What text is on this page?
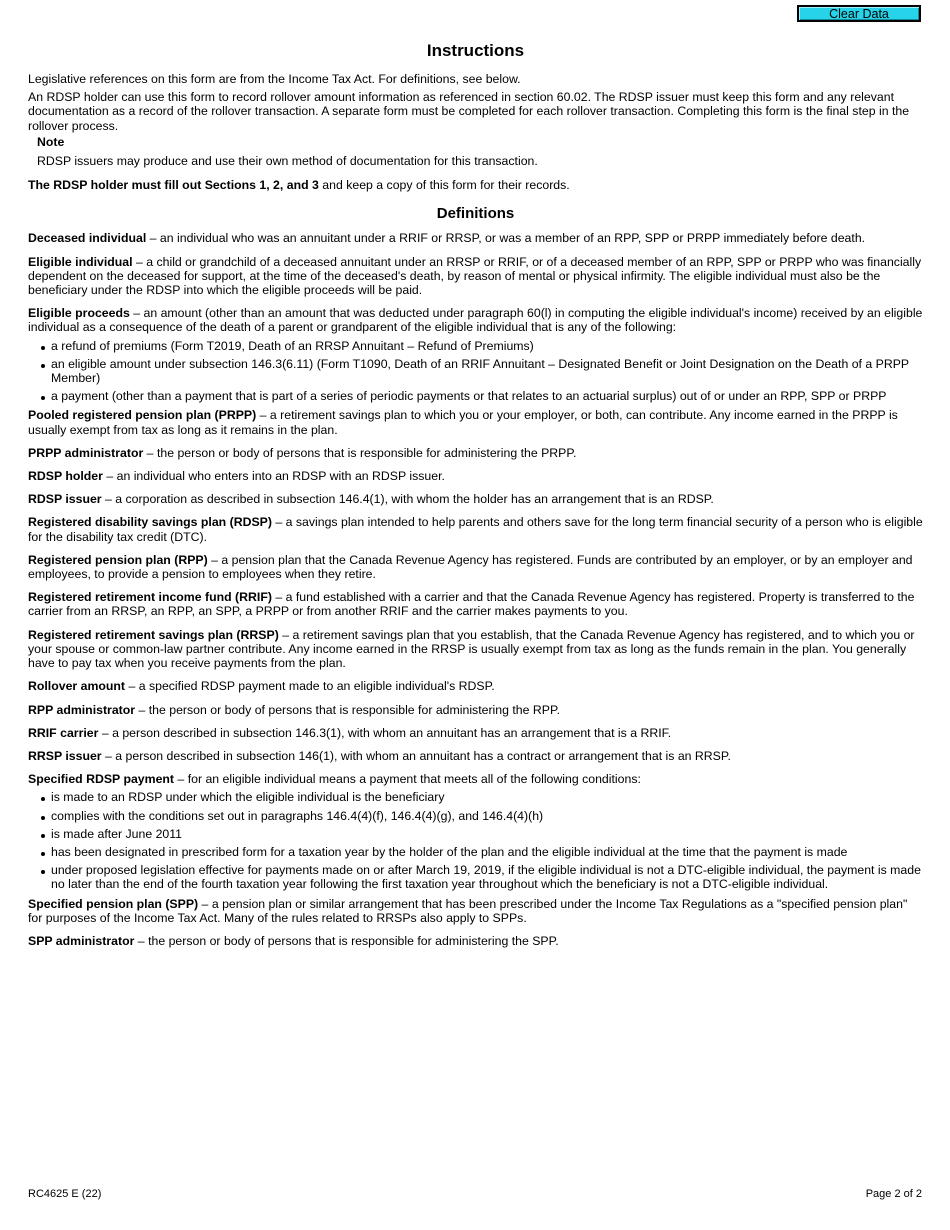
Clear Data
Instructions

Legislative references on this form are from the Income Tax Act. For definitions, see below.

An RDSP holder can use this form to record rollover amount information as referenced in section 60.02. The RDSP issuer must keep this form and any relevant documentation as a record of the rollover transaction. A separate form must be completed for each rollover transaction. Completing this form is the final step in the rollover process.

Note

RDSP issuers may produce and use their own method of documentation for this transaction.

The RDSP holder must fill out Sections 1, 2, and 3 and keep a copy of this form for their records.

Definitions

Deceased individual – an individual who was an annuitant under a RRIF or RRSP, or was a member of an RPP, SPP or PRPP immediately before death.

Eligible individual – a child or grandchild of a deceased annuitant under an RRSP or RRIF, or of a deceased member of an RPP, SPP or PRPP who was financially dependent on the deceased for support, at the time of the deceased's death, by reason of mental or physical infirmity. The eligible individual must also be the beneficiary under the RDSP into which the eligible proceeds will be paid.

Eligible proceeds – an amount (other than an amount that was deducted under paragraph 60(l) in computing the eligible individual's income) received by an eligible individual as a consequence of the death of a parent or grandparent of the eligible individual that is any of the following:

a refund of premiums (Form T2019, Death of an RRSP Annuitant – Refund of Premiums)
an eligible amount under subsection 146.3(6.11) (Form T1090, Death of an RRIF Annuitant – Designated Benefit or Joint Designation on the Death of a PRPP Member)
a payment (other than a payment that is part of a series of periodic payments or that relates to an actuarial surplus) out of or under an RPP, SPP or PRPP

Pooled registered pension plan (PRPP) – a retirement savings plan to which you or your employer, or both, can contribute. Any income earned in the PRPP is usually exempt from tax as long as it remains in the plan.

PRPP administrator – the person or body of persons that is responsible for administering the PRPP.

RDSP holder – an individual who enters into an RDSP with an RDSP issuer.

RDSP issuer – a corporation as described in subsection 146.4(1), with whom the holder has an arrangement that is an RDSP.

Registered disability savings plan (RDSP) – a savings plan intended to help parents and others save for the long term financial security of a person who is eligible for the disability tax credit (DTC).

Registered pension plan (RPP) – a pension plan that the Canada Revenue Agency has registered. Funds are contributed by an employer, or by an employer and employees, to provide a pension to employees when they retire.

Registered retirement income fund (RRIF) – a fund established with a carrier and that the Canada Revenue Agency has registered. Property is transferred to the carrier from an RRSP, an RPP, an SPP, a PRPP or from another RRIF and the carrier makes payments to you.

Registered retirement savings plan (RRSP) – a retirement savings plan that you establish, that the Canada Revenue Agency has registered, and to which you or your spouse or common-law partner contribute. Any income earned in the RRSP is usually exempt from tax as long as the funds remain in the plan. You generally have to pay tax when you receive payments from the plan.

Rollover amount – a specified RDSP payment made to an eligible individual's RDSP.

RPP administrator – the person or body of persons that is responsible for administering the RPP.

RRIF carrier – a person described in subsection 146.3(1), with whom an annuitant has an arrangement that is a RRIF.

RRSP issuer – a person described in subsection 146(1), with whom an annuitant has a contract or arrangement that is an RRSP.

Specified RDSP payment – for an eligible individual means a payment that meets all of the following conditions:

is made to an RDSP under which the eligible individual is the beneficiary
complies with the conditions set out in paragraphs 146.4(4)(f), 146.4(4)(g), and 146.4(4)(h)
is made after June 2011
has been designated in prescribed form for a taxation year by the holder of the plan and the eligible individual at the time that the payment is made
under proposed legislation effective for payments made on or after March 19, 2019, if the eligible individual is not a DTC-eligible individual, the payment is made no later than the end of the fourth taxation year following the first taxation year throughout which the beneficiary is not a DTC-eligible individual.

Specified pension plan (SPP) – a pension plan or similar arrangement that has been prescribed under the Income Tax Regulations as a "specified pension plan" for purposes of the Income Tax Act. Many of the rules related to RRSPs also apply to SPPs.

SPP administrator – the person or body of persons that is responsible for administering the SPP.

RC4625 E (22)	Page 2 of 2
